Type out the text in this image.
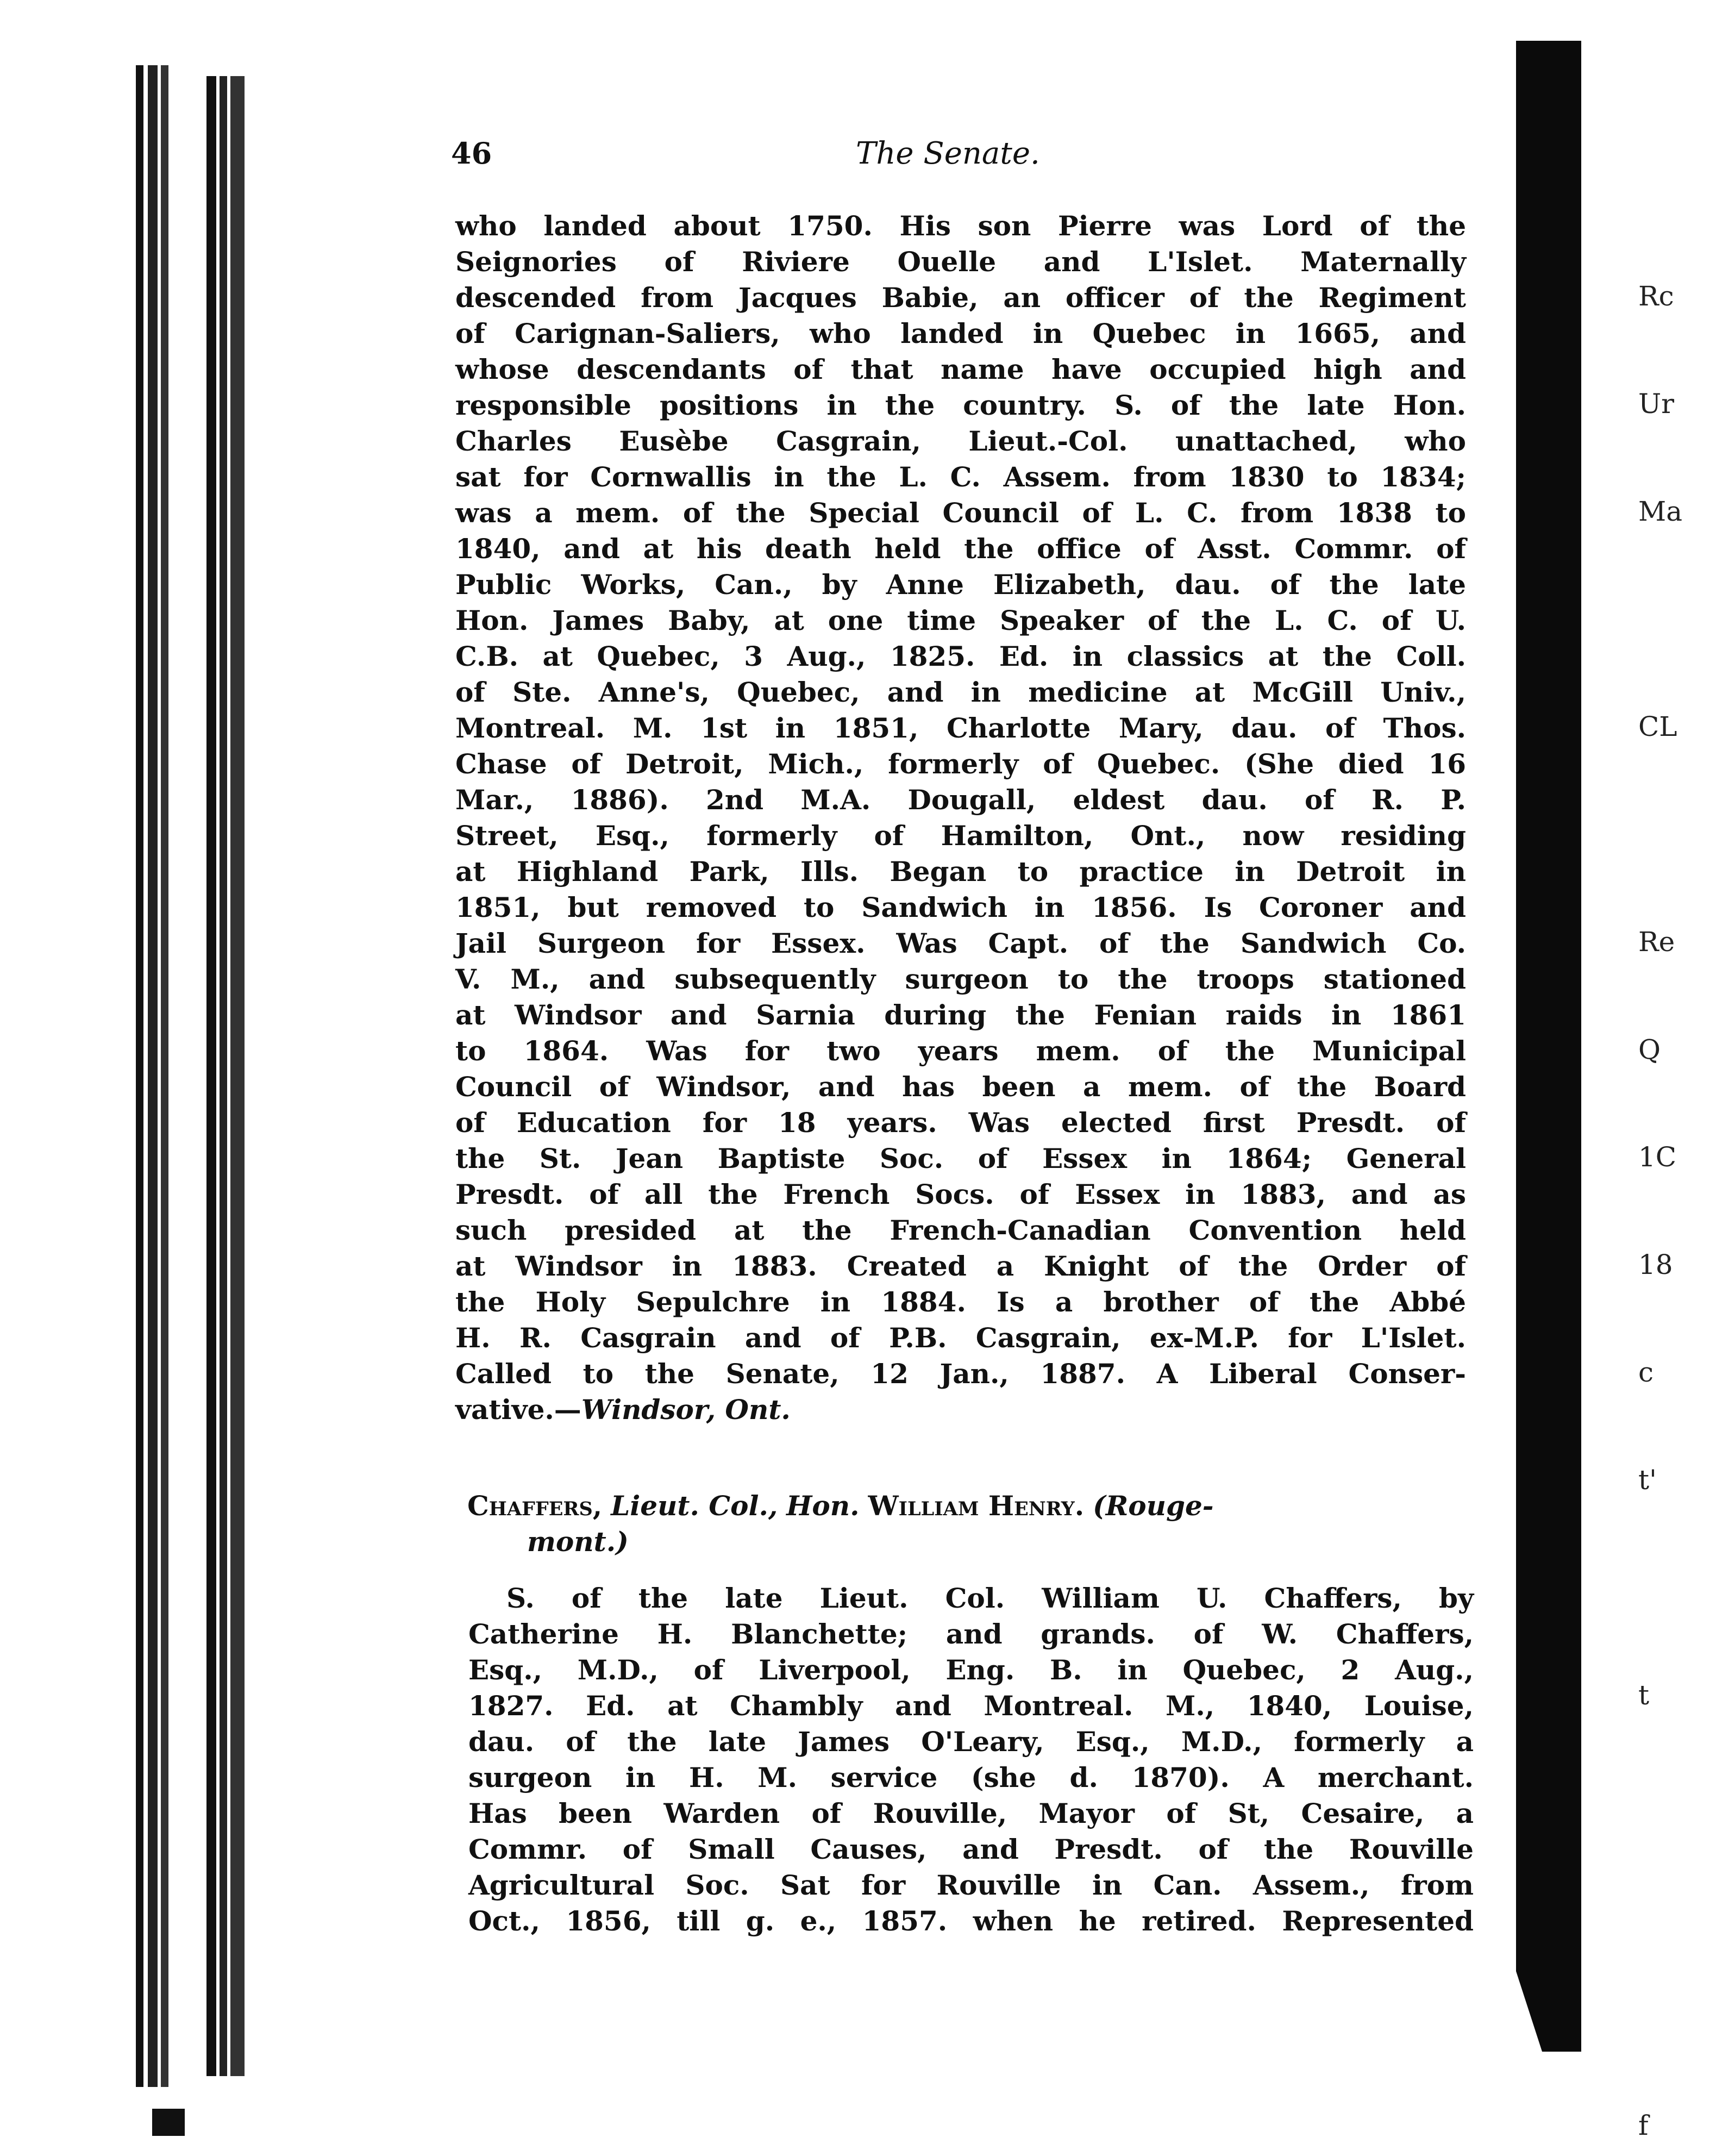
Rc

Ur

Ma

CL

Re

Q

1C

18

c

t'

t

f

46	The Senate.
who landed about 1750. His son Pierre was Lord of the
Seignories of Riviere Ouelle and L'Islet. Maternally
descended from Jacques Babie, an officer of the Regiment
of Carignan-Saliers, who landed in Quebec in 1665, and
whose descendants of that name have occupied high and
responsible positions in the country. S. of the late Hon.
Charles Eusèbe Casgrain, Lieut.-Col. unattached, who
sat for Cornwallis in the L. C. Assem. from 1830 to 1834;
was a mem. of the Special Council of L. C. from 1838 to
1840, and at his death held the office of Asst. Commr. of
Public Works, Can., by Anne Elizabeth, dau. of the late
Hon. James Baby, at one time Speaker of the L. C. of U.
C.B. at Quebec, 3 Aug., 1825. Ed. in classics at the Coll.
of Ste. Anne's, Quebec, and in medicine at McGill Univ.,
Montreal. M. 1st in 1851, Charlotte Mary, dau. of Thos.
Chase of Detroit, Mich., formerly of Quebec. (She died 16
Mar., 1886). 2nd M.A. Dougall, eldest dau. of R. P.
Street, Esq., formerly of Hamilton, Ont., now residing
at Highland Park, Ills. Began to practice in Detroit in
1851, but removed to Sandwich in 1856. Is Coroner and
Jail Surgeon for Essex. Was Capt. of the Sandwich Co.
V. M., and subsequently surgeon to the troops stationed
at Windsor and Sarnia during the Fenian raids in 1861
to 1864. Was for two years mem. of the Municipal
Council of Windsor, and has been a mem. of the Board
of Education for 18 years. Was elected first Presdt. of
the St. Jean Baptiste Soc. of Essex in 1864; General
Presdt. of all the French Socs. of Essex in 1883, and as
such presided at the French-Canadian Convention held
at Windsor in 1883. Created a Knight of the Order of
the Holy Sepulchre in 1884. Is a brother of the Abbé
H. R. Casgrain and of P.B. Casgrain, ex-M.P. for L'Islet.
Called to the Senate, 12 Jan., 1887. A Liberal Conser-
vative.—Windsor, Ont.
Chaffers, Lieut. Col., Hon. William Henry. (Rouge-
mont.)
S. of the late Lieut. Col. William U. Chaffers, by
Catherine H. Blanchette; and grands. of W. Chaffers,
Esq., M.D., of Liverpool, Eng. B. in Quebec, 2 Aug.,
1827. Ed. at Chambly and Montreal. M., 1840, Louise,
dau. of the late James O'Leary, Esq., M.D., formerly a
surgeon in H. M. service (she d. 1870). A merchant.
Has been Warden of Rouville, Mayor of St, Cesaire, a
Commr. of Small Causes, and Presdt. of the Rouville
Agricultural Soc. Sat for Rouville in Can. Assem., from
Oct., 1856, till g. e., 1857. when he retired. Represented
